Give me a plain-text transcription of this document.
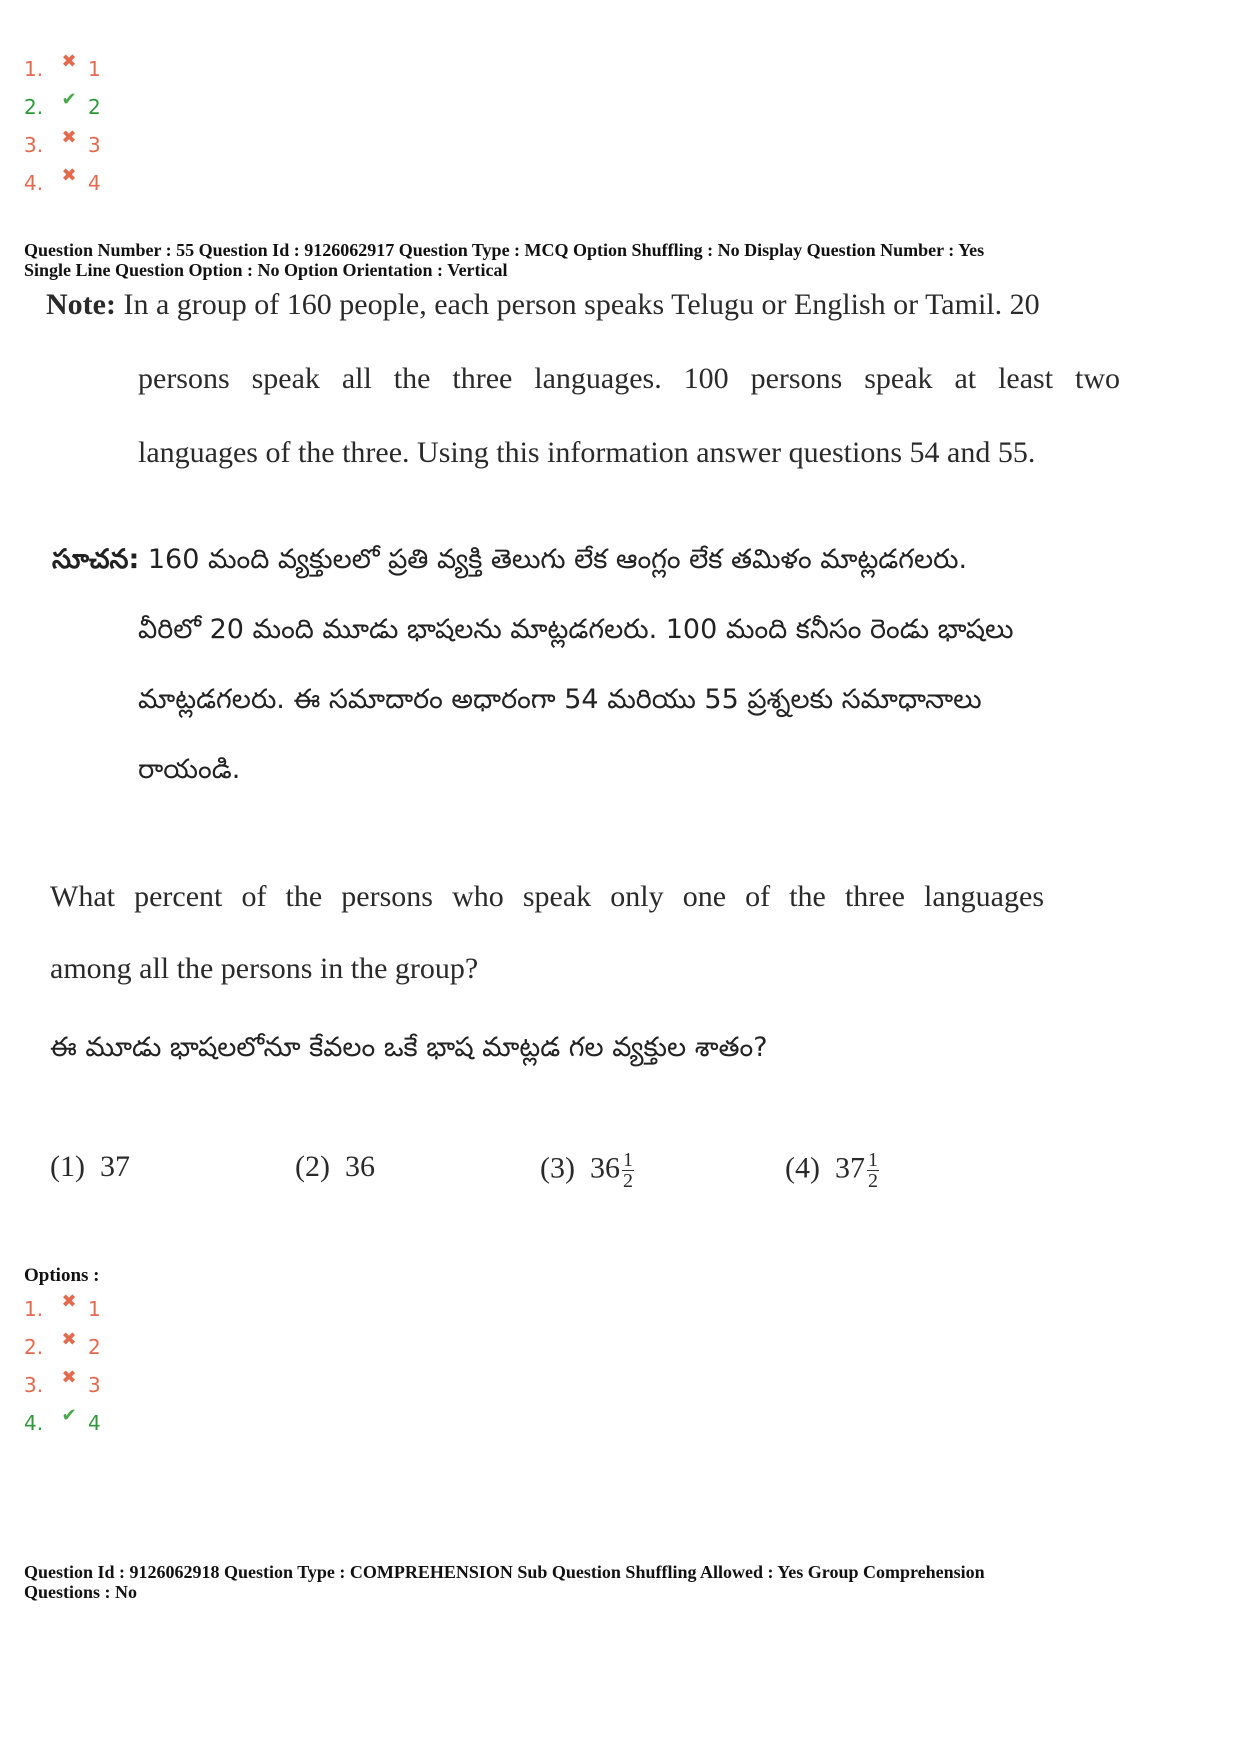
1.	✖ 1
2.	✔ 2
3.	✖ 3
4.	✖ 4
Question Number : 55 Question Id : 9126062917 Question Type : MCQ Option Shuffling : No Display Question Number : Yes
Single Line Question Option : No Option Orientation : Vertical
Note: In a group of 160 people, each person speaks Telugu or English or Tamil. 20
persons speak all the three languages. 100 persons speak at least two
languages of the three. Using this information answer questions 54 and 55.
సూచన: 160 మంది వ్యక్తులలో ప్రతి వ్యక్తి తెలుగు లేక ఆంగ్లం లేక తమిళం మాట్లడగలరు.
వీరిలో 20 మంది మూడు భాషలను మాట్లడగలరు. 100 మంది కనీసం రెండు భాషలు
మాట్లడగలరు. ఈ సమాదారం అధారంగా 54 మరియు 55 ప్రశ్నలకు సమాధానాలు
రాయండి.
What percent of the persons who speak only one of the three languages
among all the persons in the group?
ఈ మూడు భాషలలోనూ కేవలం ఒకే భాష మాట్లడ గల వ్యక్తుల శాతం?
(1) 37	(2) 36	(3) $36 \frac{1}{2}$	(4) $37 \frac{1}{2}$
Options :
1.	✖ 1
2.	✖ 2
3.	✖ 3
4.	✔ 4
Question Id : 9126062918 Question Type : COMPREHENSION Sub Question Shuffling Allowed : Yes Group Comprehension
Questions : No
